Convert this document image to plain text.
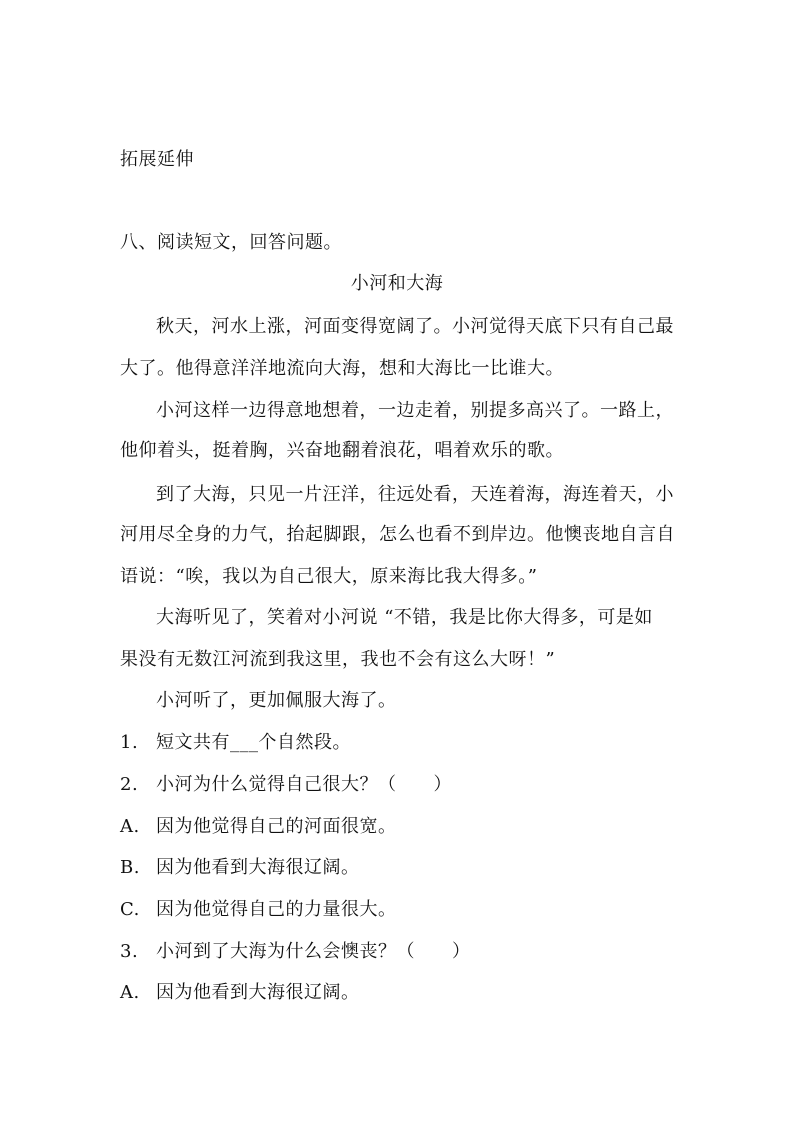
拓展延伸
八、阅读短文，回答问题。
小河和大海
秋天，河水上涨，河面变得宽阔了。小河觉得天底下只有自己最
大了。他得意洋洋地流向大海，想和大海比一比谁大。
小河这样一边得意地想着，一边走着，别提多高兴了。一路上，
他仰着头，挺着胸，兴奋地翻着浪花，唱着欢乐的歌。
到了大海，只见一片汪洋，往远处看，天连着海，海连着天，小
河用尽全身的力气，抬起脚跟，怎么也看不到岸边。他懊丧地自言自
语说：“唉，我以为自己很大，原来海比我大得多。”
大海听见了，笑着对小河说 “不错，我是比你大得多，可是如
果没有无数江河流到我这里，我也不会有这么大呀！”
小河听了，更加佩服大海了。
1. 短文共有___个自然段。
2. 小河为什么觉得自己很大？（　　）
A. 因为他觉得自己的河面很宽。
B. 因为他看到大海很辽阔。
C. 因为他觉得自己的力量很大。
3. 小河到了大海为什么会懊丧？（　　）
A. 因为他看到大海很辽阔。
